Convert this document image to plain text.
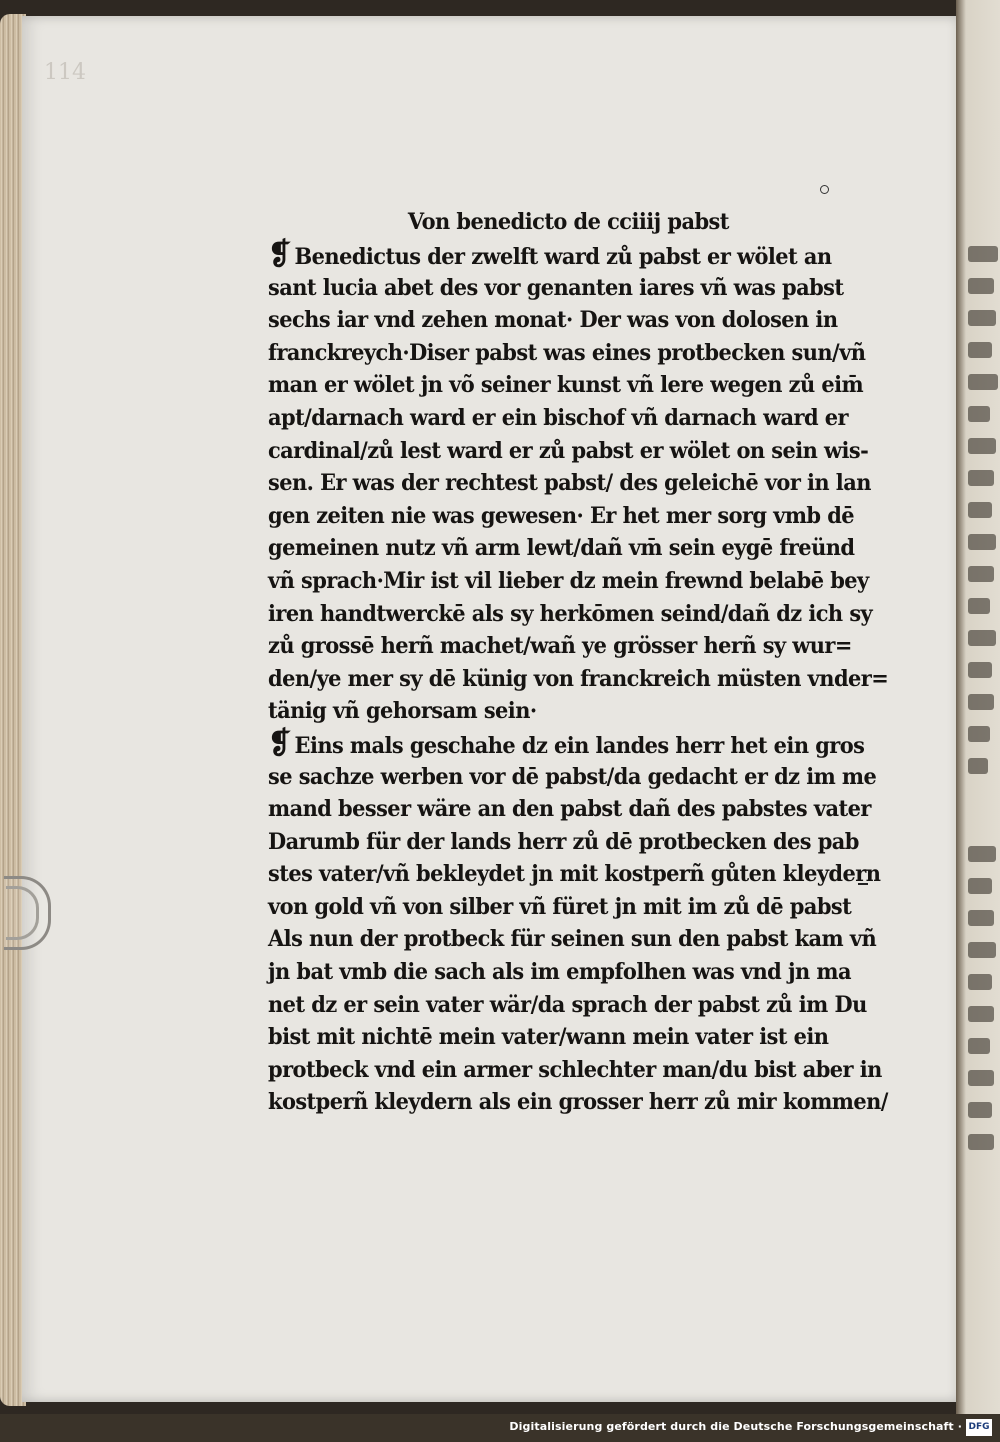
114
Von benedicto de cciiij pabst
❡ Benedictus der zwelft ward zů pabst er wölet an
sant lucia abet des vor genanten iares vñ was pabst
sechs iar vnd zehen monat· Der was von dolosen in
franckreych·Diser pabst was eines protbecken sun/vñ
man er wölet jn võ seiner kunst vñ lere wegen zů eim̄
apt/darnach ward er ein bischof vñ darnach ward er
cardinal/zů lest ward er zů pabst er wölet on sein wis-
sen. Er was der rechtest pabst/ des geleichē vor in lan
gen zeiten nie was gewesen· Er het mer sorg vmb dē
gemeinen nutz vñ arm lewt/dañ vm̄ sein eygē freünd
vñ sprach·Mir ist vil lieber dz mein frewnd belabē bey
iren handtwerckē als sy herkōmen seind/dañ dz ich sy
zů grossē herñ machet/wañ ye grösser herñ sy wur=
den/ye mer sy dē künig von franckreich müsten vnder=
tänig vñ gehorsam sein·
❡ Eins mals geschahe dz ein landes herr het ein gros
se sachze werben vor dē pabst/da gedacht er dz im me
mand besser wäre an den pabst dañ des pabstes vater
Darumb für der lands herr zů dē protbecken des pab
stes vater/vñ bekleydet jn mit kostperñ gůten kleydern
von gold vñ von silber vñ füret jn mit im zů dē pabst
Als nun der protbeck für seinen sun den pabst kam vñ
jn bat vmb die sach als im empfolhen was vnd jn ma
net dz er sein vater wär/da sprach der pabst zů im Du
bist mit nichtē mein vater/wann mein vater ist ein
protbeck vnd ein armer schlechter man/du bist aber in
kostperñ kleydern als ein grosser herr zů mir kommen/
Digitalisierung gefördert durch die Deutsche Forschungsgemeinschaft · DFG
